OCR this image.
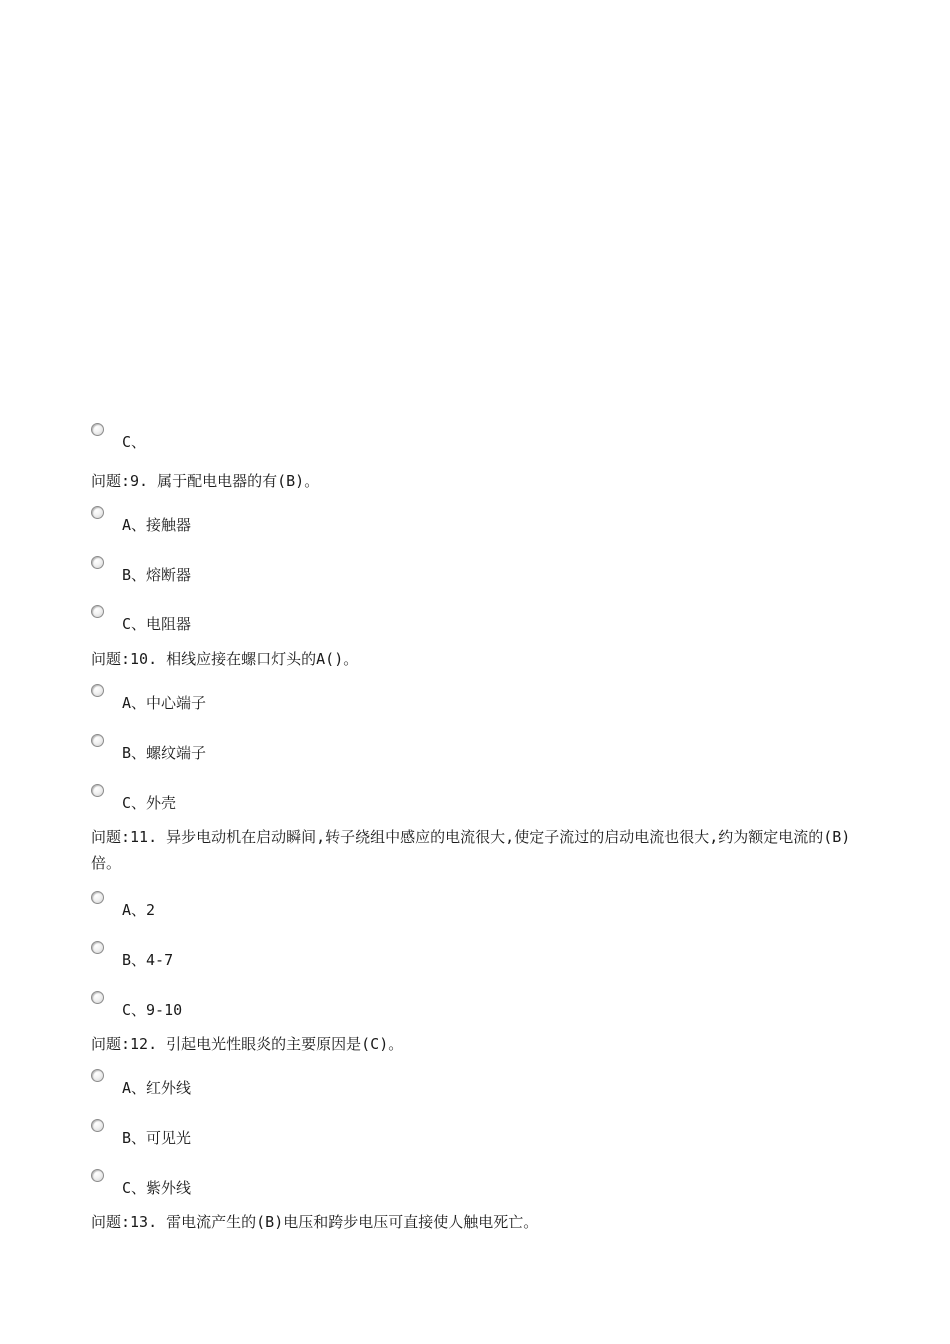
C、
问题:9. 属于配电电器的有(B)。
A、接触器
B、熔断器
C、电阻器
问题:10. 相线应接在螺口灯头的A()。
A、中心端子
B、螺纹端子
C、外壳
问题:11. 异步电动机在启动瞬间,转子绕组中感应的电流很大,使定子流过的启动电流也很大,约为额定电流的(B)倍。
A、2
B、4-7
C、9-10
问题:12. 引起电光性眼炎的主要原因是(C)。
A、红外线
B、可见光
C、紫外线
问题:13. 雷电流产生的(B)电压和跨步电压可直接使人触电死亡。
